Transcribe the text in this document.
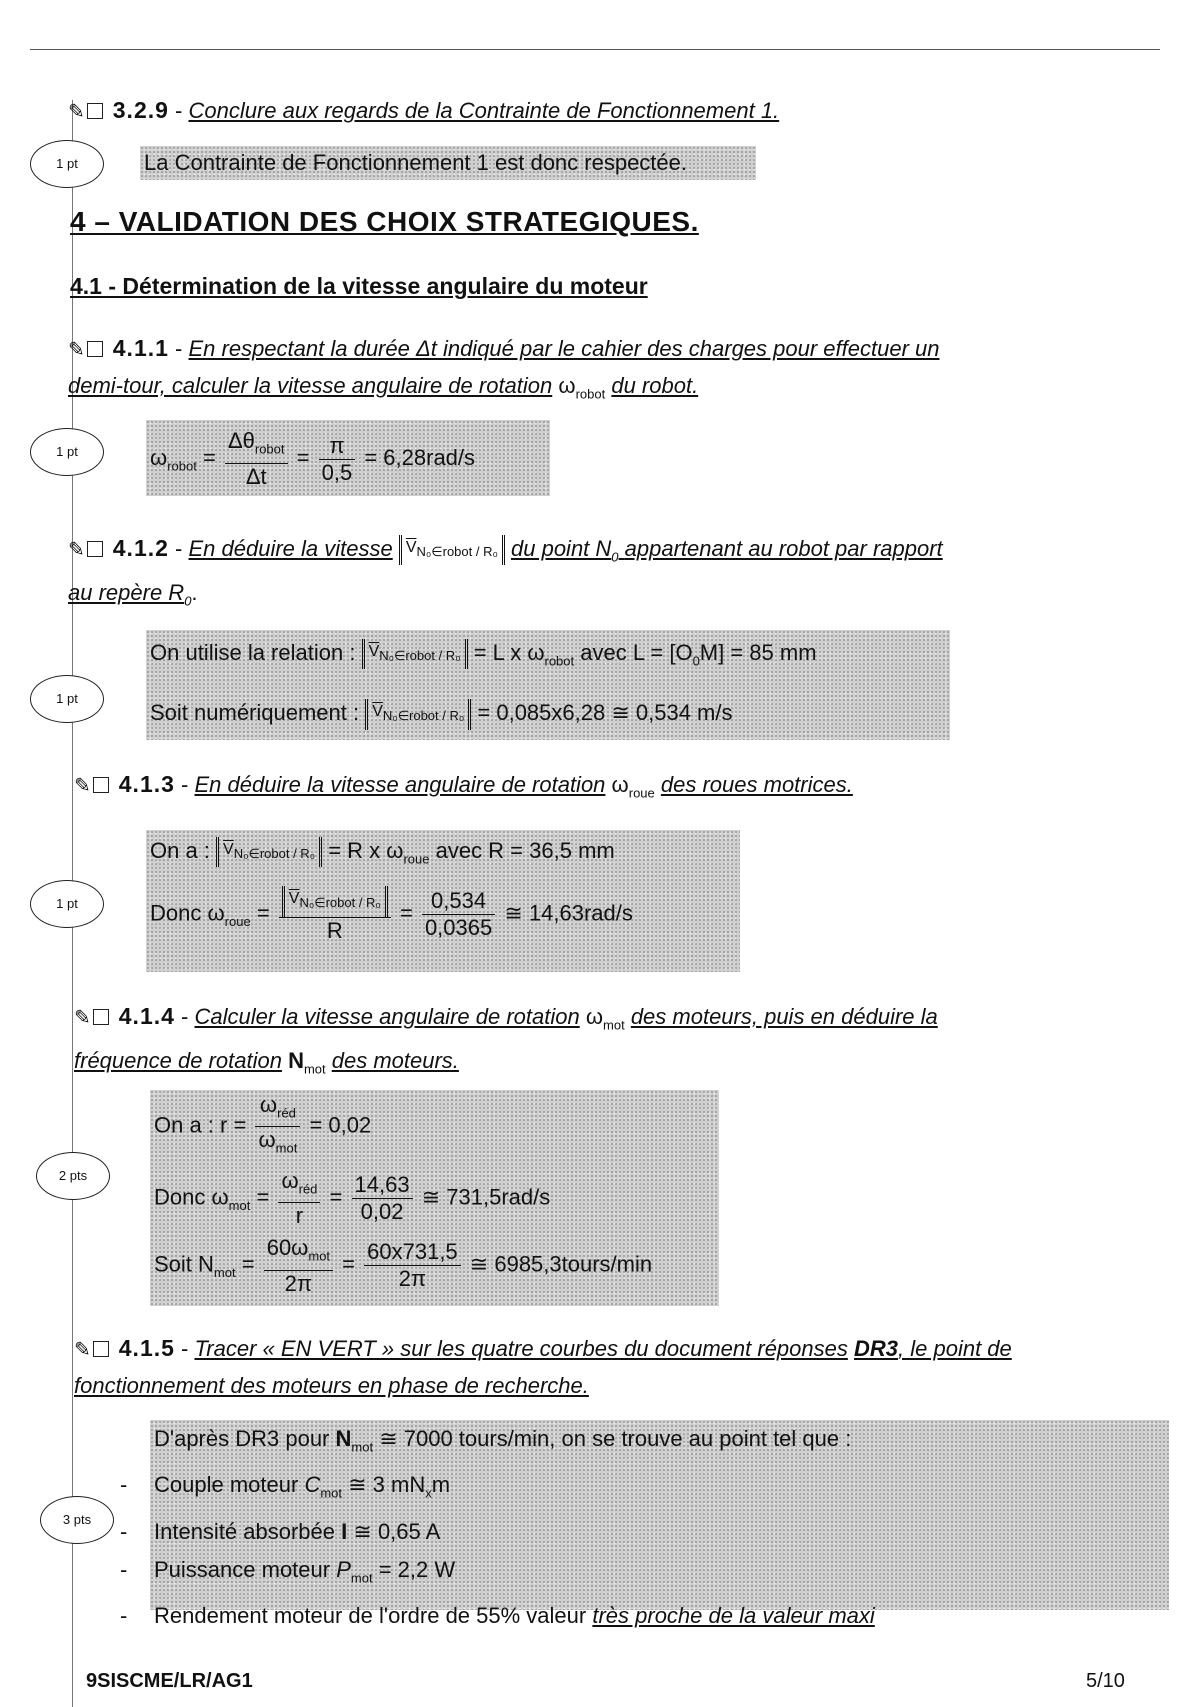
✎ 3.2.9 - Conclure aux regards de la Contrainte de Fonctionnement 1.
1 pt	La Contrainte de Fonctionnement 1 est donc respectée.
4 – VALIDATION DES CHOIX STRATEGIQUES.
4.1 - Détermination de la vitesse angulaire du moteur
✎ 4.1.1 - En respectant la durée Δt indiqué par le cahier des charges pour effectuer un
demi-tour, calculer la vitesse angulaire de rotation $\omega_{robot}$ du robot.
1 pt	$\omega_{robot} = \frac{\Delta\theta_{robot}}{\Delta t} = \frac{\pi}{0,5} = 6,28rad/s$
✎ 4.1.2 - En déduire la vitesse $\overline{V}_{N_0\in robot / R_0}$ du point $N_0$ appartenant au robot par rapport
au repère $R_0$.
1 pt
On utilise la relation : $\overline{V}_{N_0\in robot / R_0} = L$ x $\omega_{robot}$ avec $L = [O_0M] = 85$ mm
Soit numériquement : $\overline{V}_{N_0\in robot / R_0} = 0,085x6,28$ ≅ 0,534 m/s
✎ 4.1.3 - En déduire la vitesse angulaire de rotation $\omega_{roue}$ des roues motrices.
1 pt
On a : $\overline{V}_{N_0\in robot / R_0} = R$ x $\omega_{roue}$ avec R = 36,5 mm
Donc $\omega_{roue} = \frac{\overline{V}_{N_0\in robot / R_0}}{R} = \frac{0,534}{0,0365}$ ≅ 14,63rad/s
✎ 4.1.4 - Calculer la vitesse angulaire de rotation $\omega_{mot}$ des moteurs, puis en déduire la
fréquence de rotation $N_{mot}$ des moteurs.
2 pts
On a : $r = \frac{\omega_{réd}}{\omega_{mot}} = 0,02$
Donc $\omega_{mot} = \frac{\omega_{réd}}{r} = \frac{14,63}{0,02}$ ≅ 731,5rad/s
Soit $N_{mot} = \frac{60\omega_{mot}}{2\pi} = \frac{60x731,5}{2\pi}$ ≅ 6985,3tours/min
✎ 4.1.5 - Tracer « EN VERT » sur les quatre courbes du document réponses DR3, le point de
fonctionnement des moteurs en phase de recherche.
3 pts
D'après DR3 pour $N_{mot}$ ≅ 7000 tours/min, on se trouve au point tel que :
- Couple moteur $C_{mot}$ ≅ 3 $mN_xm$
- Intensité absorbée I ≅ 0,65 A
- Puissance moteur $P_{mot} = 2,2$ W
- Rendement moteur de l'ordre de 55% valeur très proche de la valeur maxi
9SISCME/LR/AG1	5/10
